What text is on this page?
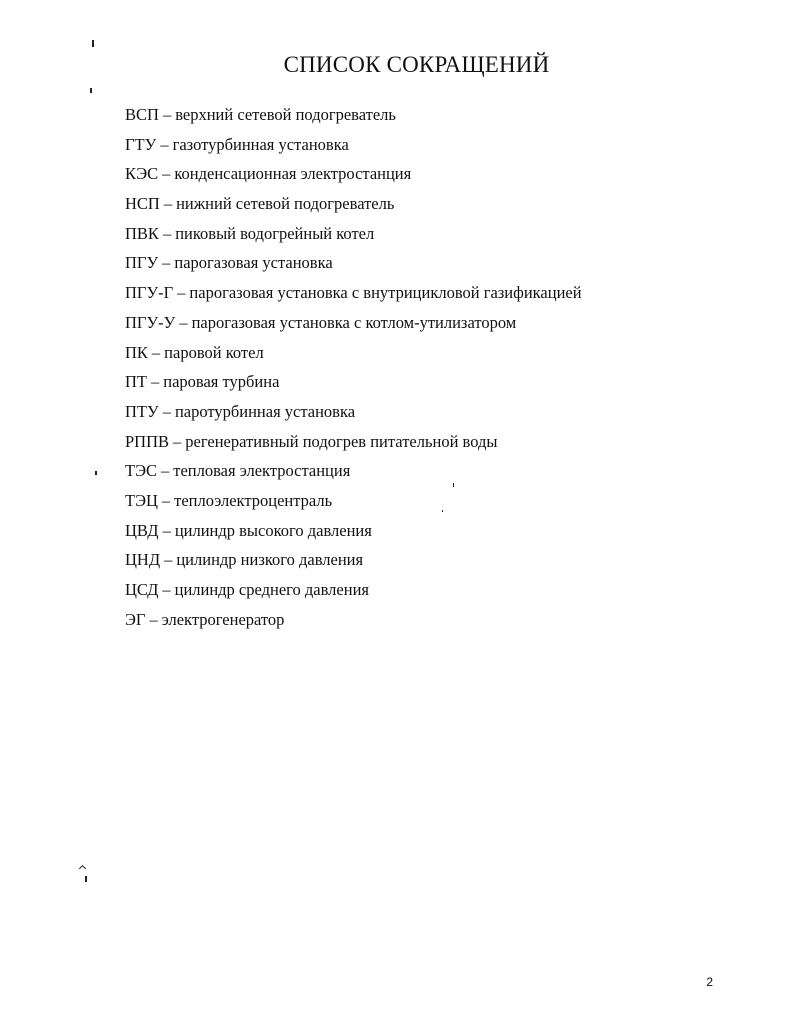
СПИСОК СОКРАЩЕНИЙ
ВСП – верхний сетевой подогреватель
ГТУ – газотурбинная установка
КЭС – конденсационная электростанция
НСП – нижний сетевой подогреватель
ПВК – пиковый водогрейный котел
ПГУ – парогазовая установка
ПГУ-Г – парогазовая установка с внутрицикловой газификацией
ПГУ-У – парогазовая установка с котлом-утилизатором
ПК – паровой котел
ПТ – паровая турбина
ПТУ – паротурбинная установка
РППВ – регенеративный подогрев питательной воды
ТЭС – тепловая электростанция
ТЭЦ – теплоэлектроцентраль
ЦВД – цилиндр высокого давления
ЦНД – цилиндр низкого давления
ЦСД – цилиндр среднего давления
ЭГ – электрогенератор
2
